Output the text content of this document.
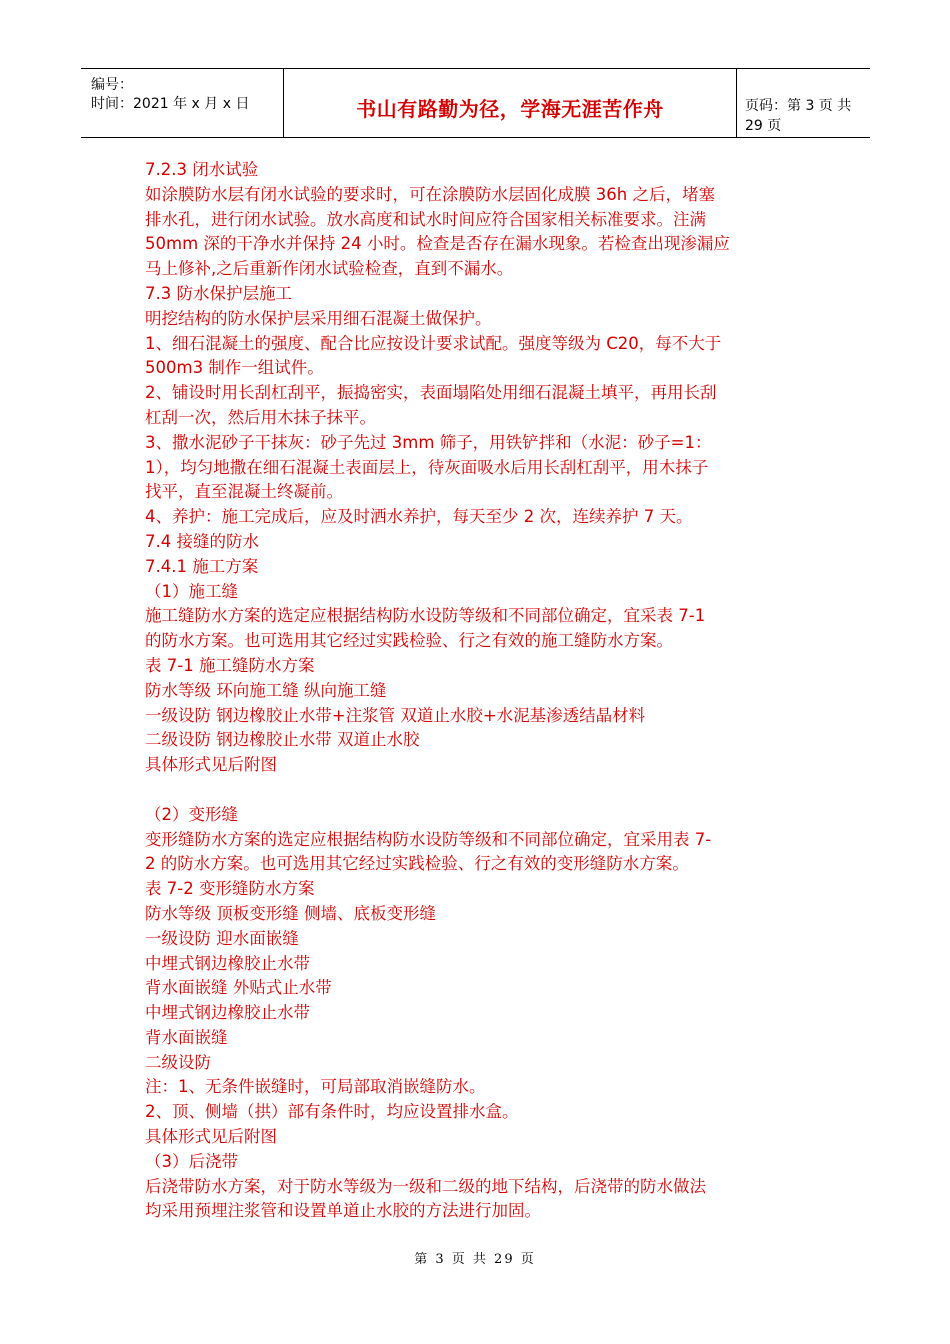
编号：
时间：2021 年 x 月 x 日	书山有路勤为径，学海无涯苦作舟	页码：第 3 页 共 29 页
7.2.3 闭水试验
如涂膜防水层有闭水试验的要求时，可在涂膜防水层固化成膜 36h 之后，堵塞
排水孔，进行闭水试验。放水高度和试水时间应符合国家相关标准要求。注满
50mm 深的干净水并保持 24 小时。检查是否存在漏水现象。若检查出现渗漏应
马上修补,之后重新作闭水试验检查，直到不漏水。
7.3 防水保护层施工
明挖结构的防水保护层采用细石混凝土做保护。
1、细石混凝土的强度、配合比应按设计要求试配。强度等级为 C20，每不大于
500m3 制作一组试件。
2、铺设时用长刮杠刮平，振捣密实，表面塌陷处用细石混凝土填平，再用长刮
杠刮一次，然后用木抹子抹平。
3、撒水泥砂子干抹灰：砂子先过 3mm 筛子，用铁铲拌和（水泥：砂子=1：
1），均匀地撒在细石混凝土表面层上，待灰面吸水后用长刮杠刮平，用木抹子
找平，直至混凝土终凝前。
4、养护：施工完成后，应及时洒水养护，每天至少 2 次，连续养护 7 天。
7.4 接缝的防水
7.4.1 施工方案
（1）施工缝
施工缝防水方案的选定应根据结构防水设防等级和不同部位确定，宜采表 7-1
的防水方案。也可选用其它经过实践检验、行之有效的施工缝防水方案。
表 7-1 施工缝防水方案
防水等级 环向施工缝 纵向施工缝
一级设防 钢边橡胶止水带+注浆管 双道止水胶+水泥基渗透结晶材料
二级设防 钢边橡胶止水带 双道止水胶
具体形式见后附图
（2）变形缝
变形缝防水方案的选定应根据结构防水设防等级和不同部位确定，宜采用表 7-
2 的防水方案。也可选用其它经过实践检验、行之有效的变形缝防水方案。
表 7-2 变形缝防水方案
防水等级 顶板变形缝 侧墙、底板变形缝
一级设防 迎水面嵌缝
中埋式钢边橡胶止水带
背水面嵌缝 外贴式止水带
中埋式钢边橡胶止水带
背水面嵌缝
二级设防
注：1、无条件嵌缝时，可局部取消嵌缝防水。
2、顶、侧墙（拱）部有条件时，均应设置排水盒。
具体形式见后附图
（3）后浇带
后浇带防水方案，对于防水等级为一级和二级的地下结构，后浇带的防水做法
均采用预埋注浆管和设置单道止水胶的方法进行加固。
第 3 页 共 29 页
